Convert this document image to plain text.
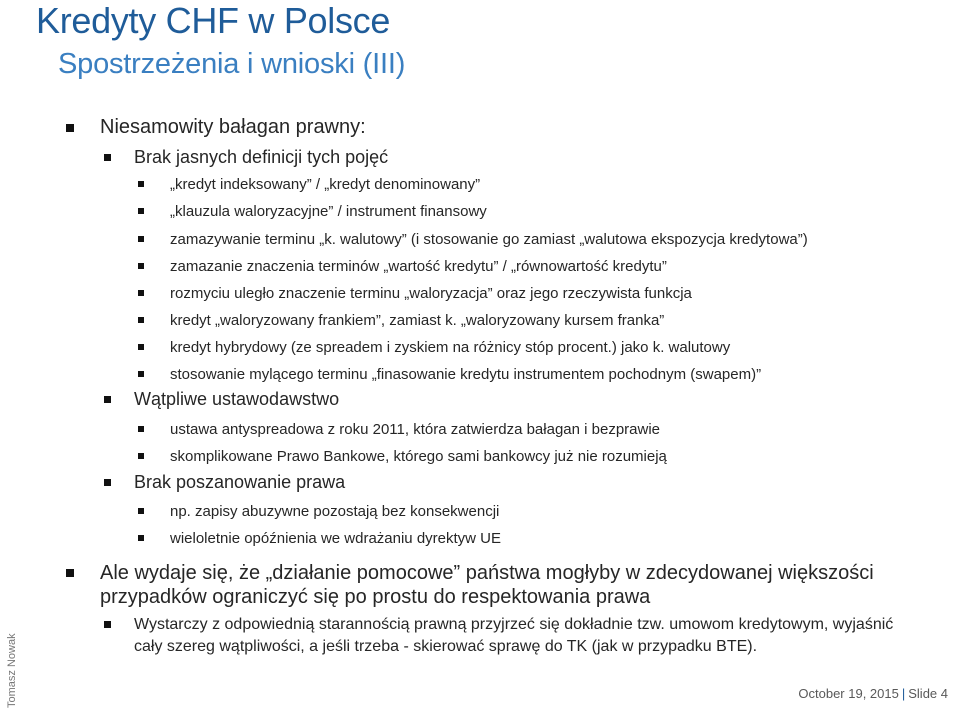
Kredyty CHF w Polsce
Spostrzeżenia i wnioski (III)
Niesamowity bałagan prawny:
Brak jasnych definicji tych pojęć
„kredyt indeksowany” / „kredyt denominowany”
„klauzula waloryzacyjne” / instrument finansowy
zamazywanie terminu „k. walutowy” (i stosowanie go zamiast „walutowa ekspozycja kredytowa”)
zamazanie znaczenia terminów „wartość kredytu” / „równowartość kredytu”
rozmyciu uległo znaczenie terminu „waloryzacja” oraz jego rzeczywista funkcja
kredyt „waloryzowany frankiem”, zamiast k. „waloryzowany kursem franka”
kredyt hybrydowy (ze spreadem i zyskiem na różnicy stóp procent.) jako k. walutowy
stosowanie mylącego terminu „finasowanie kredytu instrumentem pochodnym (swapem)”
Wątpliwe ustawodawstwo
ustawa antyspreadowa z roku 2011, która zatwierdza bałagan i bezprawie
skomplikowane Prawo Bankowe, którego sami bankowcy już nie rozumieją
Brak poszanowanie prawa
np. zapisy abuzywne pozostają bez konsekwencji
wieloletnie opóźnienia we wdrażaniu dyrektyw UE
Ale wydaje się, że „działanie pomocowe” państwa mogłyby w zdecydowanej większości przypadków ograniczyć się po prostu do respektowania prawa
Wystarczy z odpowiednią starannością prawną przyjrzeć się dokładnie tzw. umowom kredytowym, wyjaśnić cały szereg wątpliwości, a jeśli trzeba - skierować sprawę do TK (jak w przypadku BTE).
Tomasz Nowak	October 19, 2015 | Slide 4
